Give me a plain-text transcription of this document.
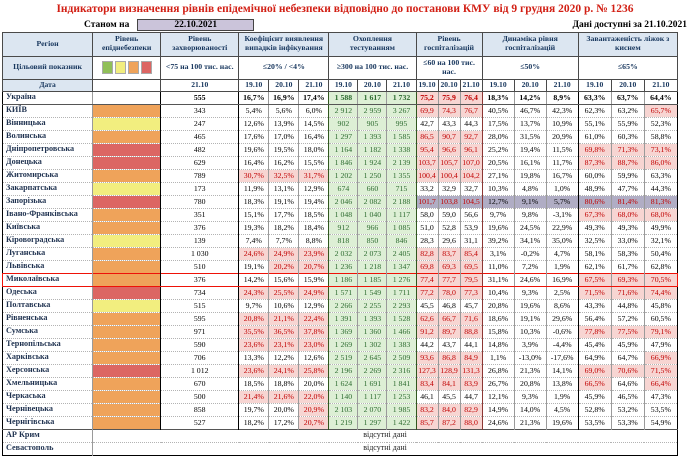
Індикатори визначення рівнів епідемічної небезпеки відповідно до постанови КМУ від 9 грудня 2020 р. № 1236
Станом на	22.10.2021	Дані доступні за 21.10.2021
Регіон	Рівень епіднебезпеки	Рівень захворюваності	Коефіцієнт виявлення випадків інфікування			Охоплення тестуванням			Рівень госпіталізацій			Динаміка рівня госпіталізацій			Завантаженість ліжок з киснем		
Цільовий показник		<75 на 100 тис. нас.	≤20% / <4%			≥300 на 100 тис. нас.			≤60 на 100 тис. нас.			≤50%			≤65%		
Дата		21.10	19.10	20.10	21.10	19.10	20.10	21.10	19.10	20.10	21.10	19.10	20.10	21.10	19.10	20.10	21.10
Україна		555	16,7%	16,9%	17,4%	1 588	1 617	1 732	75,2	75,9	76,4	18,3%	14,2%	8,9%	63,3%	63,7%	64,4%
КИЇВ		343	5,4%	5,6%	6,0%	2 912	2 959	3 267	69,9	74,3	76,7	40,5%	46,7%	42,3%	62,3%	63,2%	65,7%
Вінницька		247	12,6%	13,9%	14,5%	902	905	995	42,7	43,3	44,3	17,5%	13,7%	10,9%	55,1%	55,9%	52,3%
Волинська		465	17,6%	17,0%	16,4%	1 297	1 393	1 585	86,5	90,7	92,7	28,0%	31,5%	20,9%	61,0%	60,3%	58,8%
Дніпропетровська		482	19,6%	19,5%	18,0%	1 164	1 182	1 338	95,4	96,6	96,1	25,2%	19,4%	11,5%	69,8%	71,3%	73,1%
Донецька		629	16,4%	16,2%	15,5%	1 846	1 924	2 139	103,7	105,7	107,0	20,5%	16,1%	11,7%	87,3%	88,7%	86,0%
Житомирська		789	30,7%	32,5%	31,7%	1 202	1 250	1 355	100,4	100,4	104,2	27,1%	19,8%	16,7%	60,0%	59,9%	63,3%
Закарпатська		173	11,9%	13,1%	12,9%	674	660	715	33,2	32,9	32,7	10,3%	4,8%	1,0%	48,9%	47,7%	44,3%
Запорізька		780	18,3%	19,1%	19,4%	2 046	2 082	2 188	101,7	103,8	104,5	12,7%	9,1%	5,7%	80,6%	81,4%	81,3%
Івано-Франківська		351	15,1%	17,7%	18,5%	1 048	1 040	1 117	58,0	59,0	56,6	9,7%	9,8%	-3,1%	67,3%	68,0%	68,0%
Київська		376	19,3%	18,2%	18,4%	912	966	1 085	51,0	52,8	53,9	19,6%	24,5%	22,9%	49,3%	49,3%	49,9%
Кіровоградська		139	7,4%	7,7%	8,8%	818	850	846	28,3	29,6	31,1	39,2%	34,1%	35,0%	32,5%	33,0%	32,1%
Луганська		1 030	24,6%	24,9%	23,9%	2 032	2 073	2 405	82,8	83,7	85,4	3,1%	-0,2%	4,7%	58,1%	58,3%	50,4%
Львівська		510	19,1%	20,2%	20,7%	1 236	1 218	1 347	69,8	69,3	69,5	11,0%	7,2%	1,9%	62,1%	61,7%	62,8%
Миколаївська		376	14,2%	15,6%	15,9%	1 186	1 185	1 276	77,4	77,7	79,5	31,1%	24,6%	16,9%	67,5%	69,3%	70,5%
Одеська		734	24,3%	25,5%	24,9%	1 571	1 549	1 711	77,2	78,0	77,3	10,4%	9,3%	2,5%	71,5%	71,6%	74,4%
Полтавська		515	9,7%	10,6%	12,9%	2 266	2 255	2 293	45,5	46,8	45,7	20,8%	19,6%	8,6%	43,3%	44,8%	45,8%
Рівненська		595	20,8%	21,1%	22,4%	1 391	1 393	1 528	62,6	66,7	71,6	18,6%	19,1%	29,6%	56,4%	57,2%	60,5%
Сумська		971	35,5%	36,5%	37,8%	1 369	1 360	1 466	91,2	89,7	88,8	15,8%	10,3%	-0,6%	77,8%	77,5%	79,1%
Тернопільська		590	23,6%	23,1%	23,0%	1 269	1 302	1 383	44,2	43,7	44,1	14,8%	3,9%	-4,4%	45,4%	45,9%	47,9%
Харківська		706	13,3%	12,2%	12,6%	2 519	2 645	2 509	93,6	86,8	84,9	1,1%	-13,0%	-17,6%	64,9%	64,7%	66,9%
Херсонська		1 012	23,6%	24,1%	25,8%	2 196	2 269	2 316	127,3	128,9	131,3	26,8%	21,3%	14,1%	69,0%	70,6%	71,5%
Хмельницька		670	18,5%	18,8%	20,0%	1 624	1 691	1 841	83,4	84,1	83,9	26,7%	20,8%	13,8%	66,5%	64,6%	66,4%
Черкаська		500	21,4%	21,6%	22,0%	1 140	1 117	1 253	46,1	45,5	44,7	12,1%	9,3%	1,9%	45,9%	46,5%	47,3%
Чернівецька		858	19,7%	20,0%	20,9%	2 103	2 070	1 985	83,2	84,0	82,9	14,9%	14,0%	4,5%	52,8%	53,2%	53,5%
Чернігівська		527	18,2%	17,2%	20,7%	1 219	1 297	1 422	85,7	87,2	88,0	24,6%	21,3%	19,6%	53,5%	53,3%	54,9%
АР Крим	відсутні дані																
Севастополь	відсутні дані																
